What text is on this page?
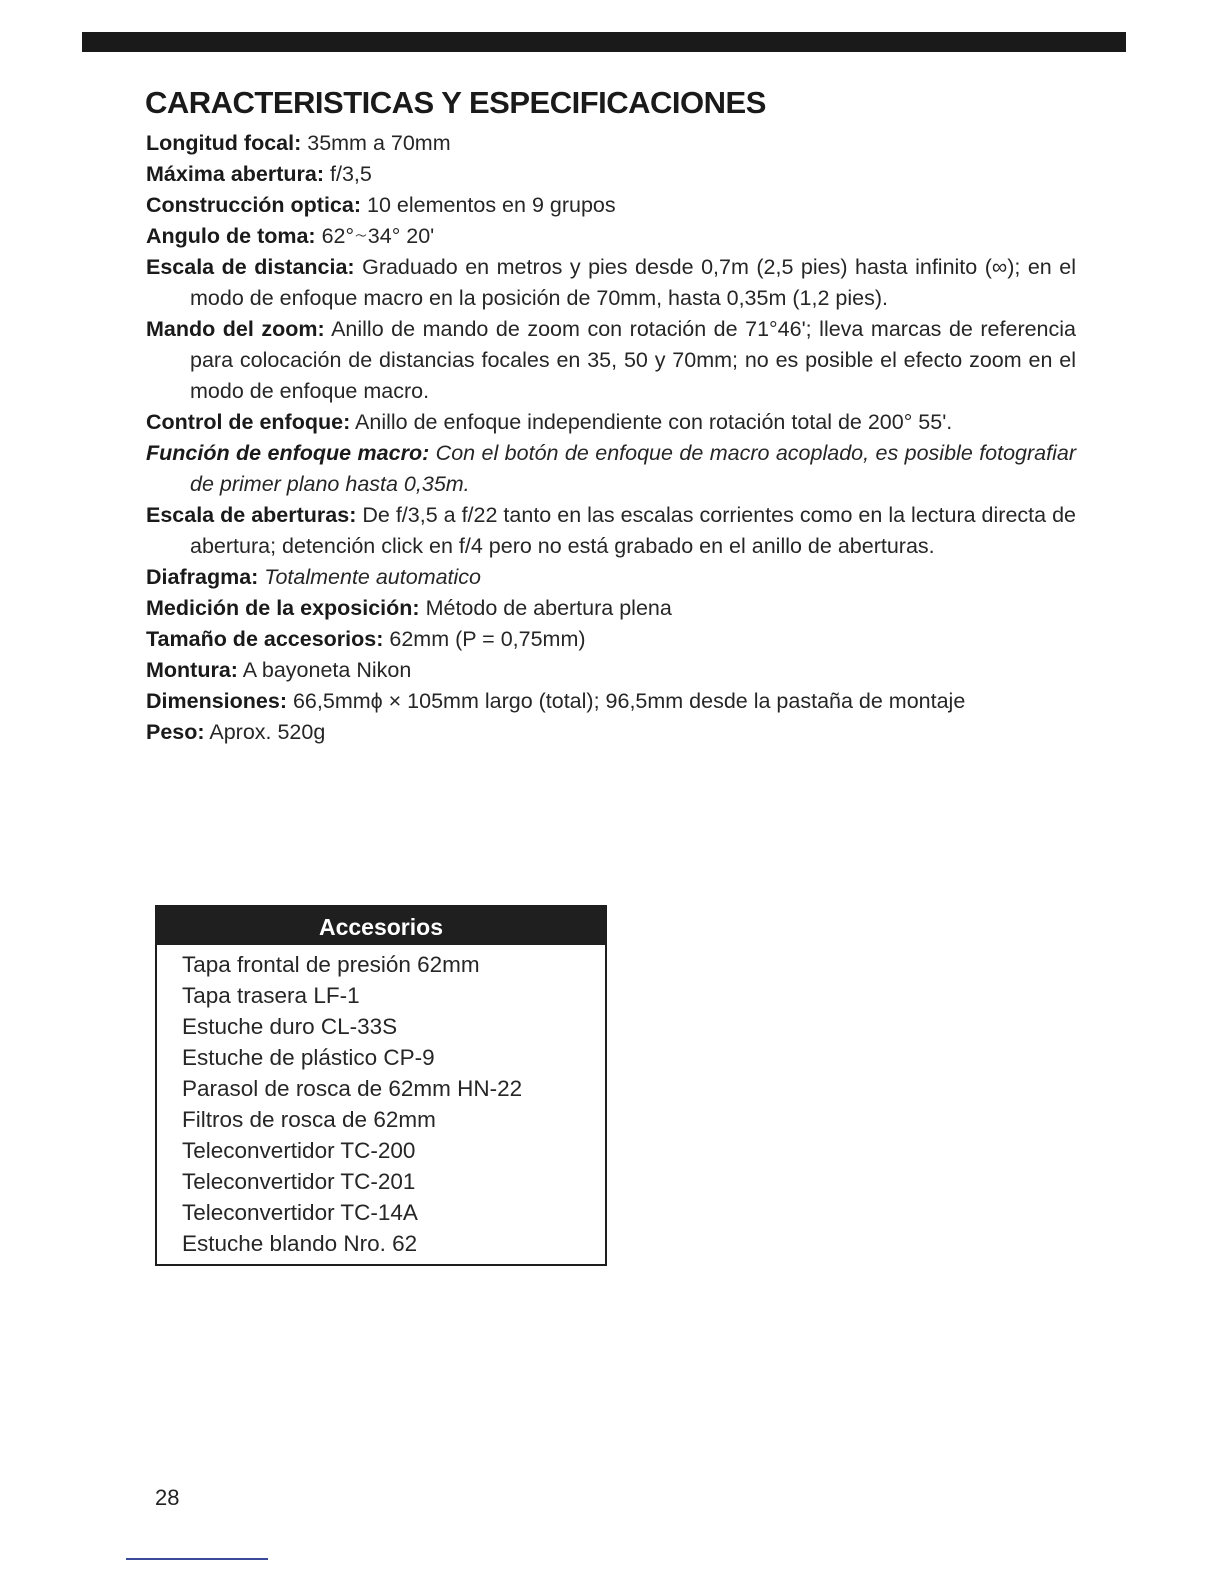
CARACTERISTICAS Y ESPECIFICACIONES

Longitud focal: 35mm a 70mm

Máxima abertura: f/3,5

Construcción optica: 10 elementos en 9 grupos

Angulo de toma: 62°∼34° 20'

Escala de distancia: Graduado en metros y pies desde 0,7m (2,5 pies) hasta infinito (∞); en el modo de enfoque macro en la posición de 70mm, hasta 0,35m (1,2 pies).

Mando del zoom: Anillo de mando de zoom con rotación de 71°46'; lleva marcas de referencia para colocación de distancias focales en 35, 50 y 70mm; no es posible el efecto zoom en el modo de enfoque macro.

Control de enfoque: Anillo de enfoque independiente con rotación total de 200° 55'.

Función de enfoque macro: Con el botón de enfoque de macro acoplado, es posible fotografiar de primer plano hasta 0,35m.

Escala de aberturas: De f/3,5 a f/22 tanto en las escalas corrientes como en la lectura directa de abertura; detención click en f/4 pero no está grabado en el anillo de aberturas.

Diafragma: Totalmente automatico

Medición de la exposición: Método de abertura plena

Tamaño de accesorios: 62mm (P = 0,75mm)

Montura: A bayoneta Nikon

Dimensiones: 66,5mmϕ × 105mm largo (total); 96,5mm desde la pastaña de montaje

Peso: Aprox. 520g

Accesorios
Tapa frontal de presión 62mm
Tapa trasera LF-1
Estuche duro CL-33S
Estuche de plástico CP-9
Parasol de rosca de 62mm HN-22
Filtros de rosca de 62mm
Teleconvertidor TC-200
Teleconvertidor TC-201
Teleconvertidor TC-14A
Estuche blando Nro. 62
28
